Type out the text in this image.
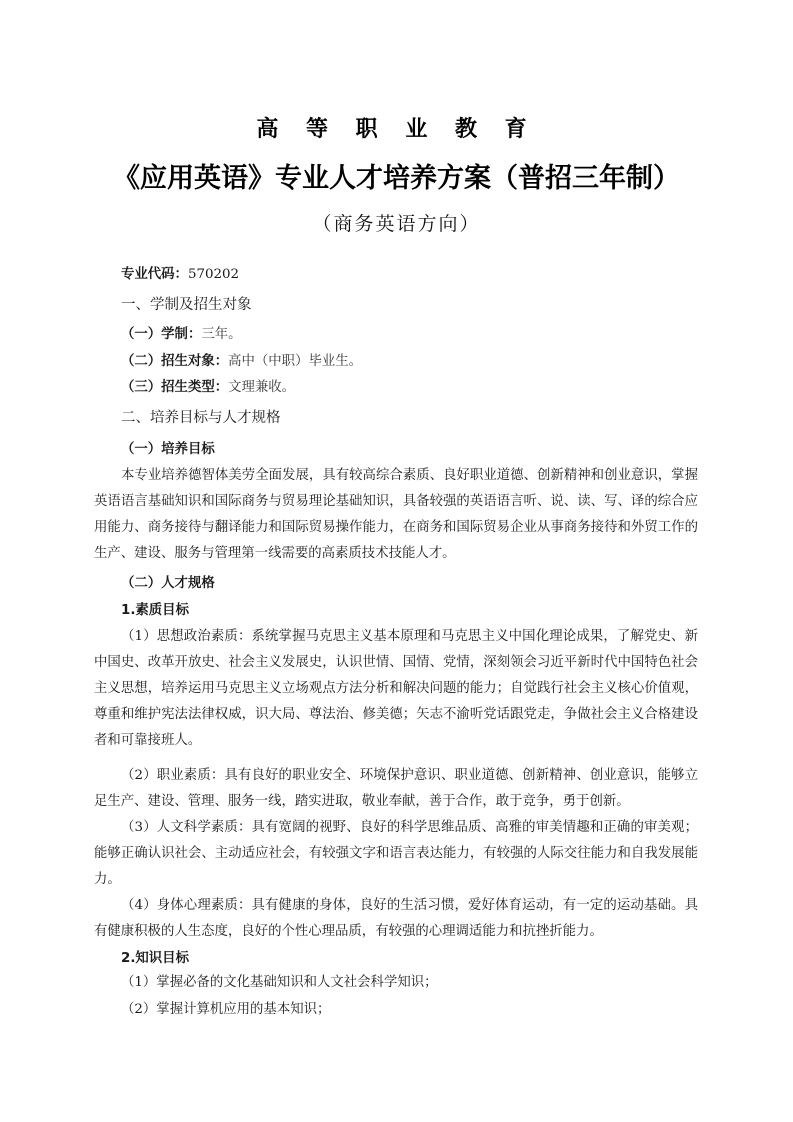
高 等 职 业 教 育
《应用英语》专业人才培养方案（普招三年制）
（商务英语方向）
专业代码：570202
一、学制及招生对象
（一）学制：三年。
（二）招生对象：高中（中职）毕业生。
（三）招生类型：文理兼收。
二、培养目标与人才规格
（一）培养目标
本专业培养德智体美劳全面发展，具有较高综合素质、良好职业道德、创新精神和创业意识，掌握英语语言基础知识和国际商务与贸易理论基础知识，具备较强的英语语言听、说、读、写、译的综合应用能力、商务接待与翻译能力和国际贸易操作能力，在商务和国际贸易企业从事商务接待和外贸工作的生产、建设、服务与管理第一线需要的高素质技术技能人才。
（二）人才规格
1.素质目标
（1）思想政治素质：系统掌握马克思主义基本原理和马克思主义中国化理论成果，了解党史、新中国史、改革开放史、社会主义发展史，认识世情、国情、党情，深刻领会习近平新时代中国特色社会主义思想，培养运用马克思主义立场观点方法分析和解决问题的能力；自觉践行社会主义核心价值观，尊重和维护宪法法律权威，识大局、尊法治、修美德；矢志不渝听党话跟党走，争做社会主义合格建设者和可靠接班人。
（2）职业素质：具有良好的职业安全、环境保护意识、职业道德、创新精神、创业意识，能够立足生产、建设、管理、服务一线，踏实进取，敬业奉献，善于合作，敢于竞争，勇于创新。
（3）人文科学素质：具有宽阔的视野、良好的科学思维品质、高雅的审美情趣和正确的审美观；能够正确认识社会、主动适应社会，有较强文字和语言表达能力，有较强的人际交往能力和自我发展能力。
（4）身体心理素质：具有健康的身体，良好的生活习惯，爱好体育运动，有一定的运动基础。具有健康积极的人生态度，良好的个性心理品质，有较强的心理调适能力和抗挫折能力。
2.知识目标
（1）掌握必备的文化基础知识和人文社会科学知识；
（2）掌握计算机应用的基本知识；
